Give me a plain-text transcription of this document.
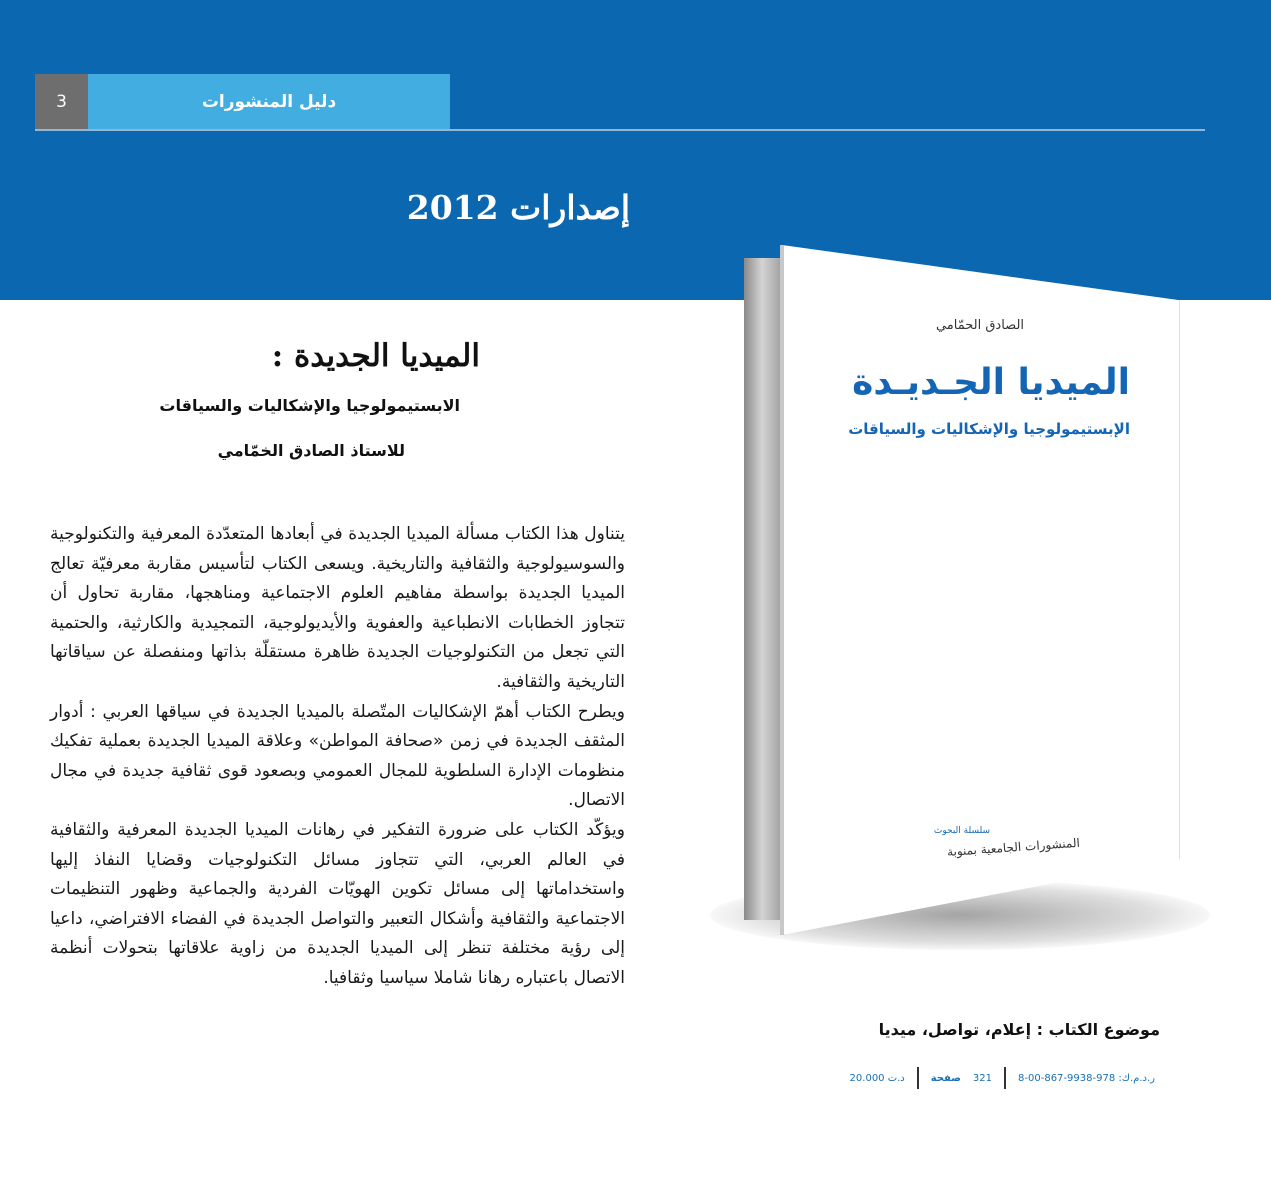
3	دليل المنشورات
إصدارات 2012
الميديا الجديدة :
الابستيمولوجيا والإشكاليات والسياقات
للاستاذ الصادق الخمّامي

يتناول هذا الكتاب مسألة الميديا الجديدة في أبعادها المتعدّدة المعرفية والتكنولوجية والسوسيولوجية والثقافية والتاريخية. ويسعى الكتاب لتأسيس مقاربة معرفيّة تعالج الميديا الجديدة بواسطة مفاهيم العلوم الاجتماعية ومناهجها، مقاربة تحاول أن تتجاوز الخطابات الانطباعية والعفوية والأيديولوجية، التمجيدية والكارثية، والحتمية التي تجعل من التكنولوجيات الجديدة ظاهرة مستقلّة بذاتها ومنفصلة عن سياقاتها التاريخية والثقافية.

ويطرح الكتاب أهمّ الإشكاليات المتّصلة بالميديا الجديدة في سياقها العربي : أدوار المثقف الجديدة في زمن «صحافة المواطن» وعلاقة الميديا الجديدة بعملية تفكيك منظومات الإدارة السلطوية للمجال العمومي وبصعود قوى ثقافية جديدة في مجال الاتصال.

ويؤكّد الكتاب على ضرورة التفكير في رهانات الميديا الجديدة المعرفية والثقافية في العالم العربي، التي تتجاوز مسائل التكنولوجيات وقضايا النفاذ إليها واستخداماتها إلى مسائل تكوين الهويّات الفردية والجماعية وظهور التنظيمات الاجتماعية والثقافية وأشكال التعبير والتواصل الجديدة في الفضاء الافتراضي، داعيا إلى رؤية مختلفة تنظر إلى الميديا الجديدة من زاوية علاقاتها بتحولات أنظمة الاتصال باعتباره رهانا شاملا سياسيا وثقافيا.

الصادق الحمّامي
الميديا الجـديـدة
الإبستيمولوجيا والإشكاليات والسياقات
سلسلة البحوث
المنشورات الجامعية بمنوبة
موضوع الكتاب : إعلام، تواصل، ميديا
ر.د.م.ك: 978-9938-867-00-8
321
صفحة
20.000 د.ت
